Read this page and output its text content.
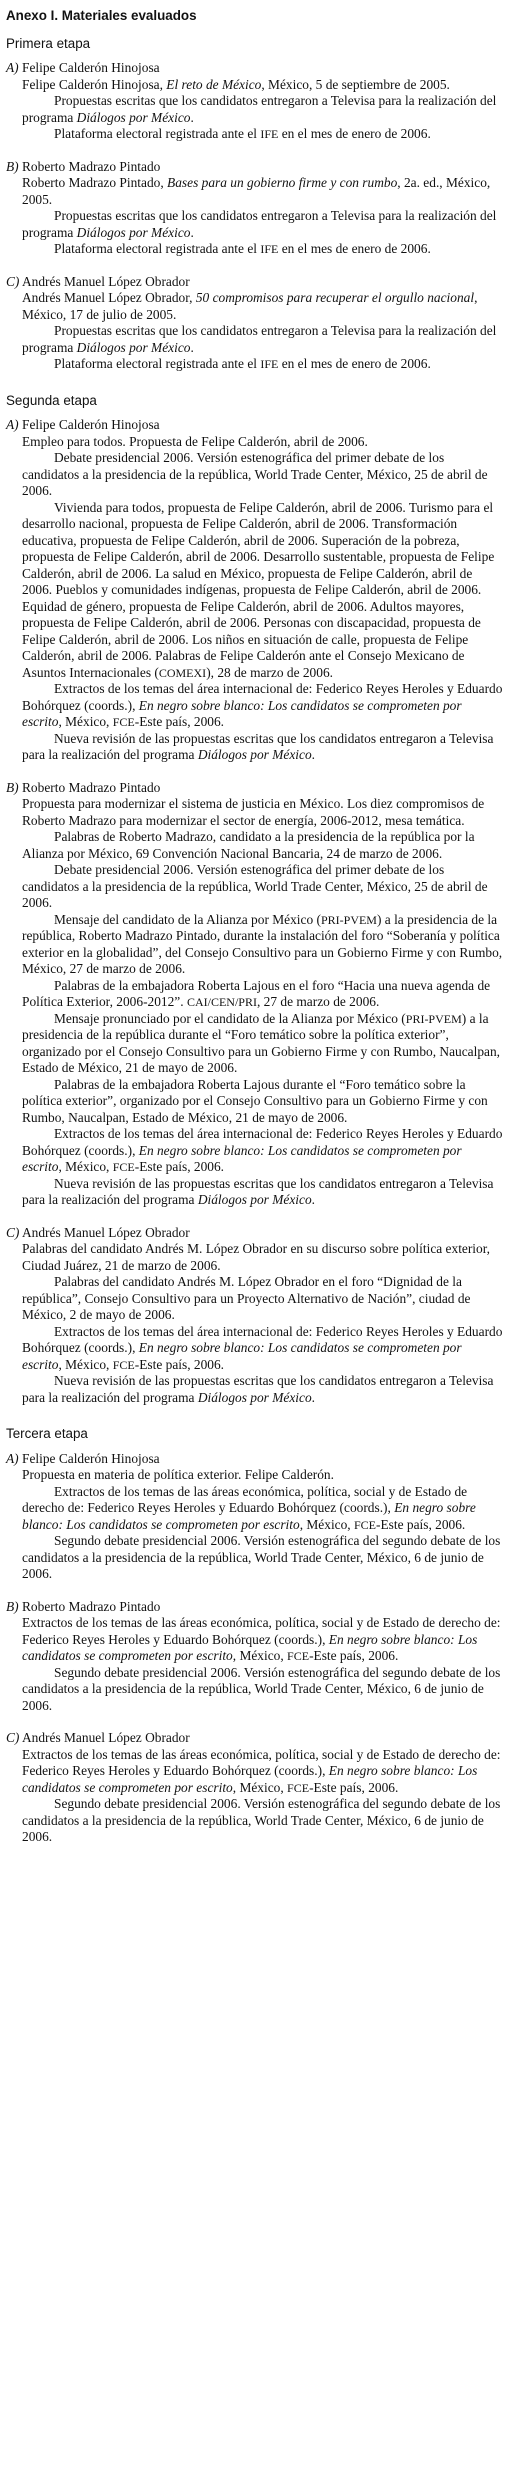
Anexo I. Materiales evaluados
Primera etapa

A) Felipe Calderón Hinojosa

Felipe Calderón Hinojosa, El reto de México, México, 5 de septiembre de 2005.

Propuestas escritas que los candidatos entregaron a Televisa para la realización del programa Diálogos por México.

Plataforma electoral registrada ante el IFE en el mes de enero de 2006.

B) Roberto Madrazo Pintado

Roberto Madrazo Pintado, Bases para un gobierno firme y con rumbo, 2a. ed., México, 2005.

Propuestas escritas que los candidatos entregaron a Televisa para la realización del programa Diálogos por México.

Plataforma electoral registrada ante el IFE en el mes de enero de 2006.

C) Andrés Manuel López Obrador

Andrés Manuel López Obrador, 50 compromisos para recuperar el orgullo nacional, México, 17 de julio de 2005.

Propuestas escritas que los candidatos entregaron a Televisa para la realización del programa Diálogos por México.

Plataforma electoral registrada ante el IFE en el mes de enero de 2006.

Segunda etapa

A) Felipe Calderón Hinojosa

Empleo para todos. Propuesta de Felipe Calderón, abril de 2006.

Debate presidencial 2006. Versión estenográfica del primer debate de los candidatos a la presidencia de la república, World Trade Center, México, 25 de abril de 2006.

Vivienda para todos, propuesta de Felipe Calderón, abril de 2006. Turismo para el desarrollo nacional, propuesta de Felipe Calderón, abril de 2006. Transformación educativa, propuesta de Felipe Calderón, abril de 2006. Superación de la pobreza, propuesta de Felipe Calderón, abril de 2006. Desarrollo sustentable, propuesta de Felipe Calderón, abril de 2006. La salud en México, propuesta de Felipe Calderón, abril de 2006. Pueblos y comunidades indígenas, propuesta de Felipe Calderón, abril de 2006. Equidad de género, propuesta de Felipe Calderón, abril de 2006. Adultos mayores, propuesta de Felipe Calderón, abril de 2006. Personas con discapacidad, propuesta de Felipe Calderón, abril de 2006. Los niños en situación de calle, propuesta de Felipe Calderón, abril de 2006. Palabras de Felipe Calderón ante el Consejo Mexicano de Asuntos Internacionales (COMEXI), 28 de marzo de 2006.

Extractos de los temas del área internacional de: Federico Reyes Heroles y Eduardo Bohórquez (coords.), En negro sobre blanco: Los candidatos se comprometen por escrito, México, FCE-Este país, 2006.

Nueva revisión de las propuestas escritas que los candidatos entregaron a Televisa para la realización del programa Diálogos por México.

B) Roberto Madrazo Pintado

Propuesta para modernizar el sistema de justicia en México. Los diez compromisos de Roberto Madrazo para modernizar el sector de energía, 2006-2012, mesa temática.

Palabras de Roberto Madrazo, candidato a la presidencia de la república por la Alianza por México, 69 Convención Nacional Bancaria, 24 de marzo de 2006.

Debate presidencial 2006. Versión estenográfica del primer debate de los candidatos a la presidencia de la república, World Trade Center, México, 25 de abril de 2006.

Mensaje del candidato de la Alianza por México (PRI-PVEM) a la presidencia de la república, Roberto Madrazo Pintado, durante la instalación del foro “Soberanía y política exterior en la globalidad”, del Consejo Consultivo para un Gobierno Firme y con Rumbo, México, 27 de marzo de 2006.

Palabras de la embajadora Roberta Lajous en el foro “Hacia una nueva agenda de Política Exterior, 2006-2012”. CAI/CEN/PRI, 27 de marzo de 2006.

Mensaje pronunciado por el candidato de la Alianza por México (PRI-PVEM) a la presidencia de la república durante el “Foro temático sobre la política exterior”, organizado por el Consejo Consultivo para un Gobierno Firme y con Rumbo, Naucalpan, Estado de México, 21 de mayo de 2006.

Palabras de la embajadora Roberta Lajous durante el “Foro temático sobre la política exterior”, organizado por el Consejo Consultivo para un Gobierno Firme y con Rumbo, Naucalpan, Estado de México, 21 de mayo de 2006.

Extractos de los temas del área internacional de: Federico Reyes Heroles y Eduardo Bohórquez (coords.), En negro sobre blanco: Los candidatos se comprometen por escrito, México, FCE-Este país, 2006.

Nueva revisión de las propuestas escritas que los candidatos entregaron a Televisa para la realización del programa Diálogos por México.

C) Andrés Manuel López Obrador

Palabras del candidato Andrés M. López Obrador en su discurso sobre política exterior, Ciudad Juárez, 21 de marzo de 2006.

Palabras del candidato Andrés M. López Obrador en el foro “Dignidad de la república”, Consejo Consultivo para un Proyecto Alternativo de Nación”, ciudad de México, 2 de mayo de 2006.

Extractos de los temas del área internacional de: Federico Reyes Heroles y Eduardo Bohórquez (coords.), En negro sobre blanco: Los candidatos se comprometen por escrito, México, FCE-Este país, 2006.

Nueva revisión de las propuestas escritas que los candidatos entregaron a Televisa para la realización del programa Diálogos por México.

Tercera etapa

A) Felipe Calderón Hinojosa

Propuesta en materia de política exterior. Felipe Calderón.

Extractos de los temas de las áreas económica, política, social y de Estado de derecho de: Federico Reyes Heroles y Eduardo Bohórquez (coords.), En negro sobre blanco: Los candidatos se comprometen por escrito, México, FCE-Este país, 2006.

Segundo debate presidencial 2006. Versión estenográfica del segundo debate de los candidatos a la presidencia de la república, World Trade Center, México, 6 de junio de 2006.

B) Roberto Madrazo Pintado

Extractos de los temas de las áreas económica, política, social y de Estado de derecho de: Federico Reyes Heroles y Eduardo Bohórquez (coords.), En negro sobre blanco: Los candidatos se comprometen por escrito, México, FCE-Este país, 2006.

Segundo debate presidencial 2006. Versión estenográfica del segundo debate de los candidatos a la presidencia de la república, World Trade Center, México, 6 de junio de 2006.

C) Andrés Manuel López Obrador

Extractos de los temas de las áreas económica, política, social y de Estado de derecho de: Federico Reyes Heroles y Eduardo Bohórquez (coords.), En negro sobre blanco: Los candidatos se comprometen por escrito, México, FCE-Este país, 2006.

Segundo debate presidencial 2006. Versión estenográfica del segundo debate de los candidatos a la presidencia de la república, World Trade Center, México, 6 de junio de 2006.
